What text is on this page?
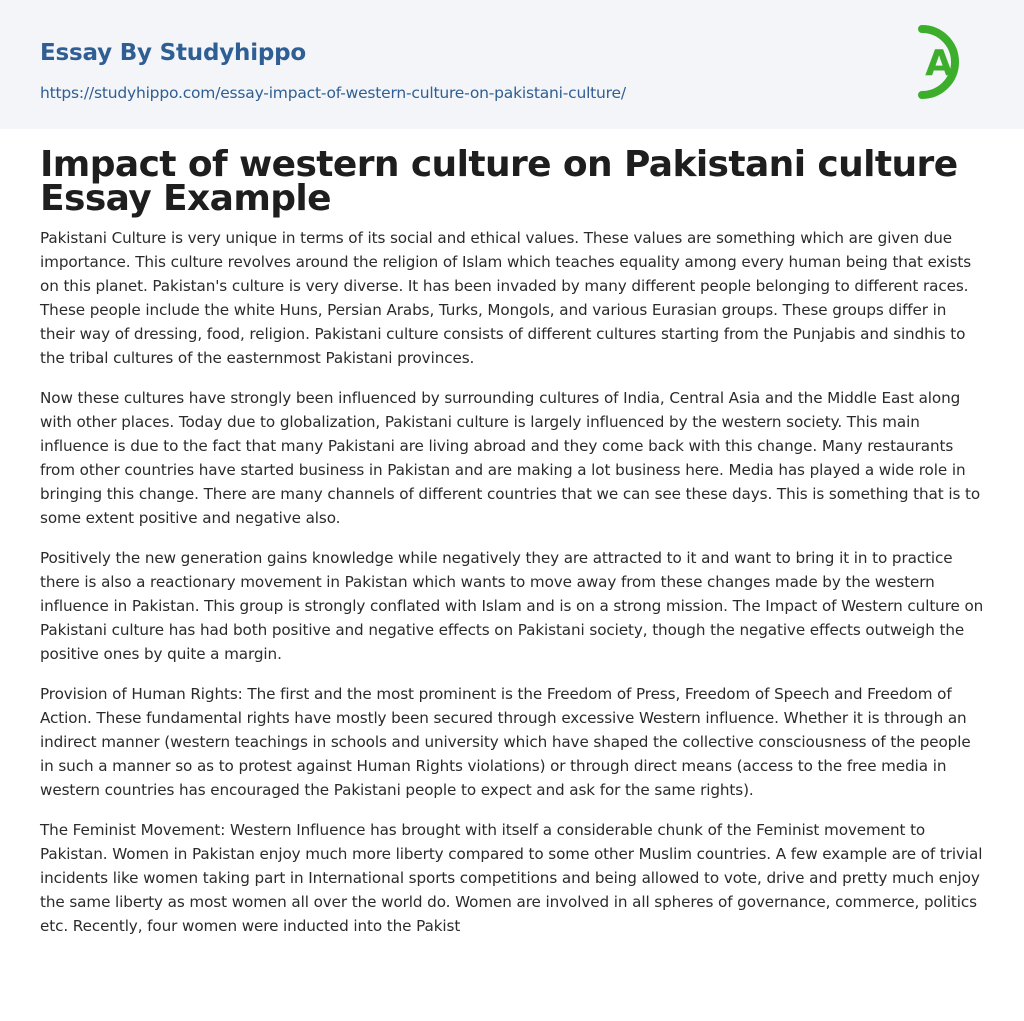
Essay By Studyhippo
https://studyhippo.com/essay-impact-of-western-culture-on-pakistani-culture/
A
Impact of western culture on Pakistani culture Essay Example

Pakistani Culture is very unique in terms of its social and ethical values. These values are something which are given due importance. This culture revolves around the religion of Islam which teaches equality among every human being that exists on this planet. Pakistan's culture is very diverse. It has been invaded by many different people belonging to different races. These people include the white Huns, Persian Arabs, Turks, Mongols, and various Eurasian groups. These groups differ in their way of dressing, food, religion. Pakistani culture consists of different cultures starting from the Punjabis and sindhis to the tribal cultures of the easternmost Pakistani provinces.

Now these cultures have strongly been influenced by surrounding cultures of India, Central Asia and the Middle East along with other places. Today due to globalization, Pakistani culture is largely influenced by the western society. This main influence is due to the fact that many Pakistani are living abroad and they come back with this change. Many restaurants from other countries have started business in Pakistan and are making a lot business here. Media has played a wide role in bringing this change. There are many channels of different countries that we can see these days. This is something that is to some extent positive and negative also.

Positively the new generation gains knowledge while negatively they are attracted to it and want to bring it in to practice there is also a reactionary movement in Pakistan which wants to move away from these changes made by the western influence in Pakistan. This group is strongly conflated with Islam and is on a strong mission. The Impact of Western culture on Pakistani culture has had both positive and negative effects on Pakistani society, though the negative effects outweigh the positive ones by quite a margin.

Provision of Human Rights: The first and the most prominent is the Freedom of Press, Freedom of Speech and Freedom of Action. These fundamental rights have mostly been secured through excessive Western influence. Whether it is through an indirect manner (western teachings in schools and university which have shaped the collective consciousness of the people in such a manner so as to protest against Human Rights violations) or through direct means (access to the free media in western countries has encouraged the Pakistani people to expect and ask for the same rights).

The Feminist Movement: Western Influence has brought with itself a considerable chunk of the Feminist movement to Pakistan. Women in Pakistan enjoy much more liberty compared to some other Muslim countries. A few example are of trivial incidents like women taking part in International sports competitions and being allowed to vote, drive and pretty much enjoy the same liberty as most women all over the world do. Women are involved in all spheres of governance, commerce, politics etc. Recently, four women were inducted into the Pakist
